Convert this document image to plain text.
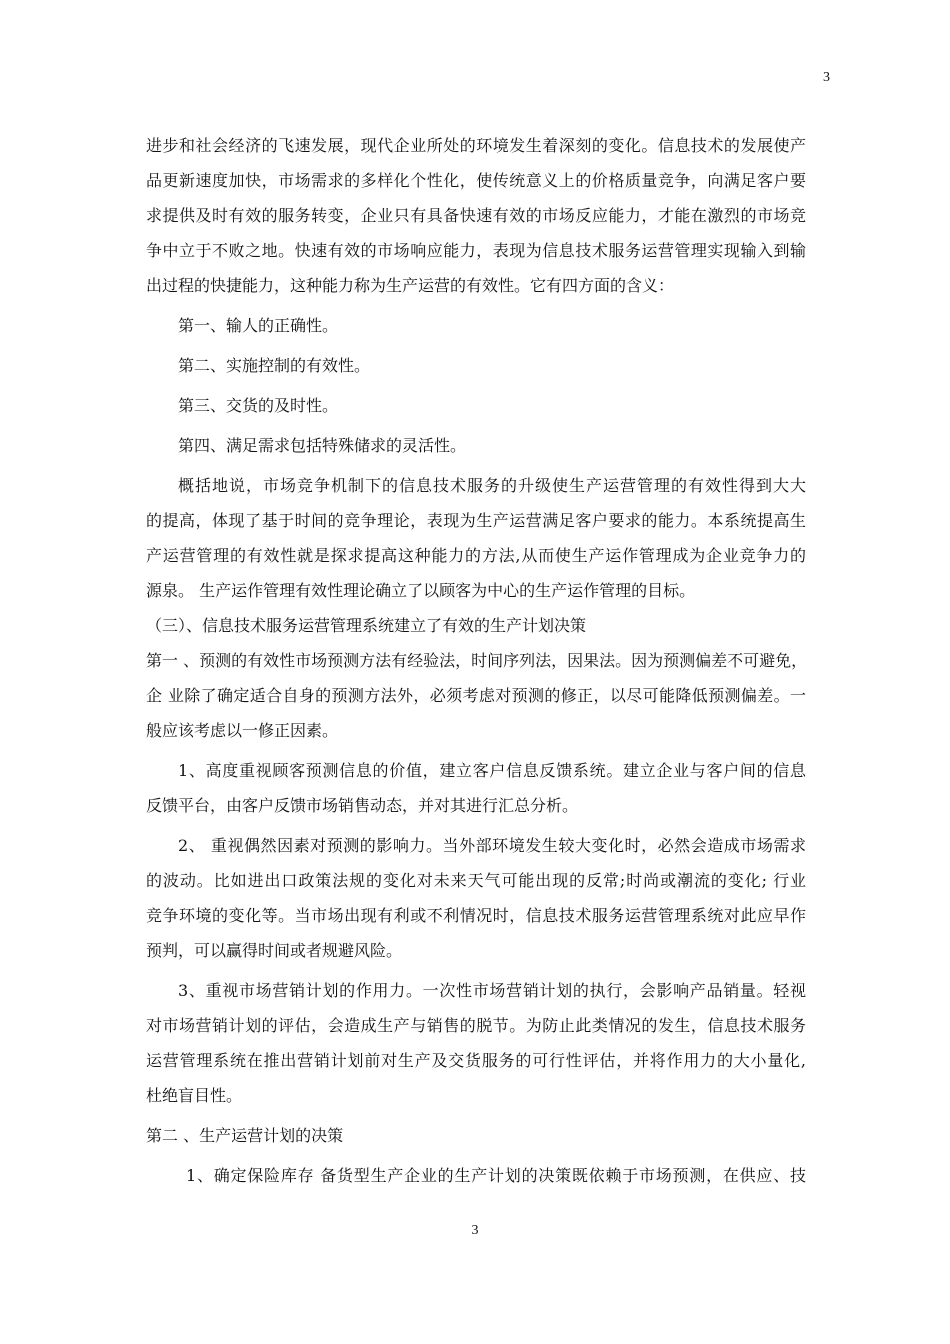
3

进步和社会经济的飞速发展，现代企业所处的环境发生着深刻的变化。信息技术的发展使产
品更新速度加快，市场需求的多样化个性化，使传统意义上的价格质量竞争，向满足客户要
求提供及时有效的服务转变，企业只有具备快速有效的市场反应能力，才能在激烈的市场竞
争中立于不败之地。快速有效的市场响应能力，表现为信息技术服务运营管理实现输入到输
出过程的快捷能力，这种能力称为生产运营的有效性。它有四方面的含义：

第一、输人的正确性。

第二、实施控制的有效性。

第三、交货的及时性。

第四、满足需求包括特殊储求的灵活性。

概括地说，市场竞争机制下的信息技术服务的升级使生产运营管理的有效性得到大大
的提高，体现了基于时间的竞争理论，表现为生产运营满足客户要求的能力。本系统提高生
产运营管理的有效性就是探求提高这种能力的方法,从而使生产运作管理成为企业竞争力的
源泉。 生产运作管理有效性理论确立了以顾客为中心的生产运作管理的目标。

（三）、信息技术服务运营管理系统建立了有效的生产计划决策

第一 、预测的有效性市场预测方法有经验法，时间序列法，因果法。因为预测偏差不可避免，
企 业除了确定适合自身的预测方法外，必须考虑对预测的修正，以尽可能降低预测偏差。一
般应该考虑以一修正因素。

1、高度重视顾客预测信息的价值，建立客户信息反馈系统。建立企业与客户间的信息
反馈平台，由客户反馈市场销售动态，并对其进行汇总分析。

2、 重视偶然因素对预测的影响力。当外部环境发生较大变化时，必然会造成市场需求
的波动。比如进出口政策法规的变化对未来天气可能出现的反常;时尚或潮流的变化; 行业
竞争环境的变化等。当市场出现有利或不利情况时，信息技术服务运营管理系统对此应早作
预判，可以赢得时间或者规避风险。

3、重视市场营销计划的作用力。一次性市场营销计划的执行，会影响产品销量。轻视
对市场营销计划的评估，会造成生产与销售的脱节。为防止此类情况的发生，信息技术服务
运营管理系统在推出营销计划前对生产及交货服务的可行性评估，并将作用力的大小量化,
杜绝盲目性。

第二 、生产运营计划的决策

1、确定保险库存 备货型生产企业的生产计划的决策既依赖于市场预测，在供应、技

3
